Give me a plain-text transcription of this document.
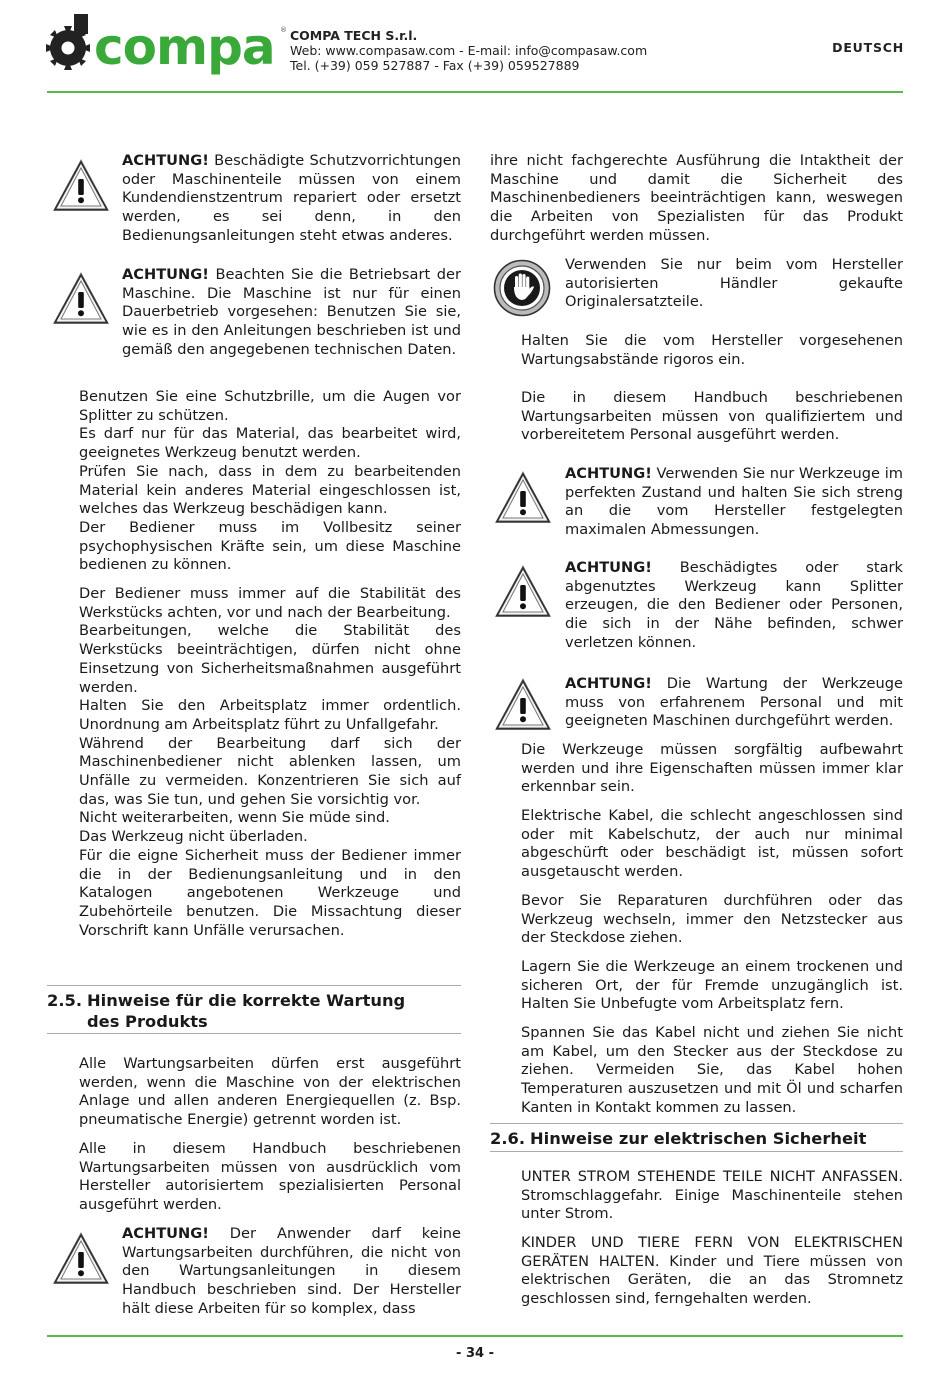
compa ® COMPA TECH S.r.l.
Web: www.compasaw.com - E-mail: info@compasaw.com
Tel. (+39) 059 527887 - Fax (+39) 059527889
DEUTSCH
ACHTUNG! Beschädigte Schutzvorrichtungen oder Maschinenteile müssen von einem Kundendienstzentrum repariert oder ersetzt werden, es sei denn, in den Bedienungsanleitungen steht etwas anderes.
ACHTUNG! Beachten Sie die Betriebsart der Maschine. Die Maschine ist nur für einen Dauerbetrieb vorgesehen: Benutzen Sie sie, wie es in den Anleitungen beschrieben ist und gemäß den angegebenen technischen Daten.
Benutzen Sie eine Schutzbrille, um die Augen vor Splitter zu schützen.
Es darf nur für das Material, das bearbeitet wird, geeignetes Werkzeug benutzt werden.
Prüfen Sie nach, dass in dem zu bearbeitenden Material kein anderes Material eingeschlossen ist, welches das Werkzeug beschädigen kann.
Der Bediener muss im Vollbesitz seiner psychophysischen Kräfte sein, um diese Maschine bedienen zu können.
Der Bediener muss immer auf die Stabilität des Werkstücks achten, vor und nach der Bearbeitung.
Bearbeitungen, welche die Stabilität des Werkstücks beeinträchtigen, dürfen nicht ohne Einsetzung von Sicherheitsmaßnahmen ausgeführt werden.
Halten Sie den Arbeitsplatz immer ordentlich. Unordnung am Arbeitsplatz führt zu Unfallgefahr.
Während der Bearbeitung darf sich der Maschinenbediener nicht ablenken lassen, um Unfälle zu vermeiden. Konzentrieren Sie sich auf das, was Sie tun, und gehen Sie vorsichtig vor.
Nicht weiterarbeiten, wenn Sie müde sind.
Das Werkzeug nicht überladen.
Für die eigne Sicherheit muss der Bediener immer die in der Bedienungsanleitung und in den Katalogen angebotenen Werkzeuge und Zubehörteile benutzen. Die Missachtung dieser Vorschrift kann Unfälle verursachen.
2.5. Hinweise für die korrekte Wartung
des Produkts
Alle Wartungsarbeiten dürfen erst ausgeführt werden, wenn die Maschine von der elektrischen Anlage und allen anderen Energiequellen (z. Bsp. pneumatische Energie) getrennt worden ist.
Alle in diesem Handbuch beschriebenen Wartungsarbeiten müssen von ausdrücklich vom Hersteller autorisiertem spezialisierten Personal ausgeführt werden.
ACHTUNG! Der Anwender darf keine Wartungsarbeiten durchführen, die nicht von den Wartungsanleitungen in diesem Handbuch beschrieben sind. Der Hersteller hält diese Arbeiten für so komplex, dass
ihre nicht fachgerechte Ausführung die Intaktheit der Maschine und damit die Sicherheit des Maschinenbedieners beeinträchtigen kann, weswegen die Arbeiten von Spezialisten für das Produkt durchgeführt werden müssen.
Verwenden Sie nur beim vom Hersteller autorisierten Händler gekaufte Originalersatzteile.
Halten Sie die vom Hersteller vorgesehenen Wartungsabstände rigoros ein.
Die in diesem Handbuch beschriebenen Wartungsarbeiten müssen von qualifiziertem und vorbereitetem Personal ausgeführt werden.
ACHTUNG! Verwenden Sie nur Werkzeuge im perfekten Zustand und halten Sie sich streng an die vom Hersteller festgelegten maximalen Abmessungen.
ACHTUNG! Beschädigtes oder stark abgenutztes Werkzeug kann Splitter erzeugen, die den Bediener oder Personen, die sich in der Nähe befinden, schwer verletzen können.
ACHTUNG! Die Wartung der Werkzeuge muss von erfahrenem Personal und mit geeigneten Maschinen durchgeführt werden.
Die Werkzeuge müssen sorgfältig aufbewahrt werden und ihre Eigenschaften müssen immer klar erkennbar sein.
Elektrische Kabel, die schlecht angeschlossen sind oder mit Kabelschutz, der auch nur minimal abgeschürft oder beschädigt ist, müssen sofort ausgetauscht werden.
Bevor Sie Reparaturen durchführen oder das Werkzeug wechseln, immer den Netzstecker aus der Steckdose ziehen.
Lagern Sie die Werkzeuge an einem trockenen und sicheren Ort, der für Fremde unzugänglich ist. Halten Sie Unbefugte vom Arbeitsplatz fern.
Spannen Sie das Kabel nicht und ziehen Sie nicht am Kabel, um den Stecker aus der Steckdose zu ziehen. Vermeiden Sie, das Kabel hohen Temperaturen auszusetzen und mit Öl und scharfen Kanten in Kontakt kommen zu lassen.
2.6. Hinweise zur elektrischen Sicherheit
UNTER STROM STEHENDE TEILE NICHT ANFASSEN. Stromschlaggefahr. Einige Maschinenteile stehen unter Strom.
KINDER UND TIERE FERN VON ELEKTRISCHEN GERÄTEN HALTEN. Kinder und Tiere müssen von elektrischen Geräten, die an das Stromnetz geschlossen sind, ferngehalten werden.
- 34 -
